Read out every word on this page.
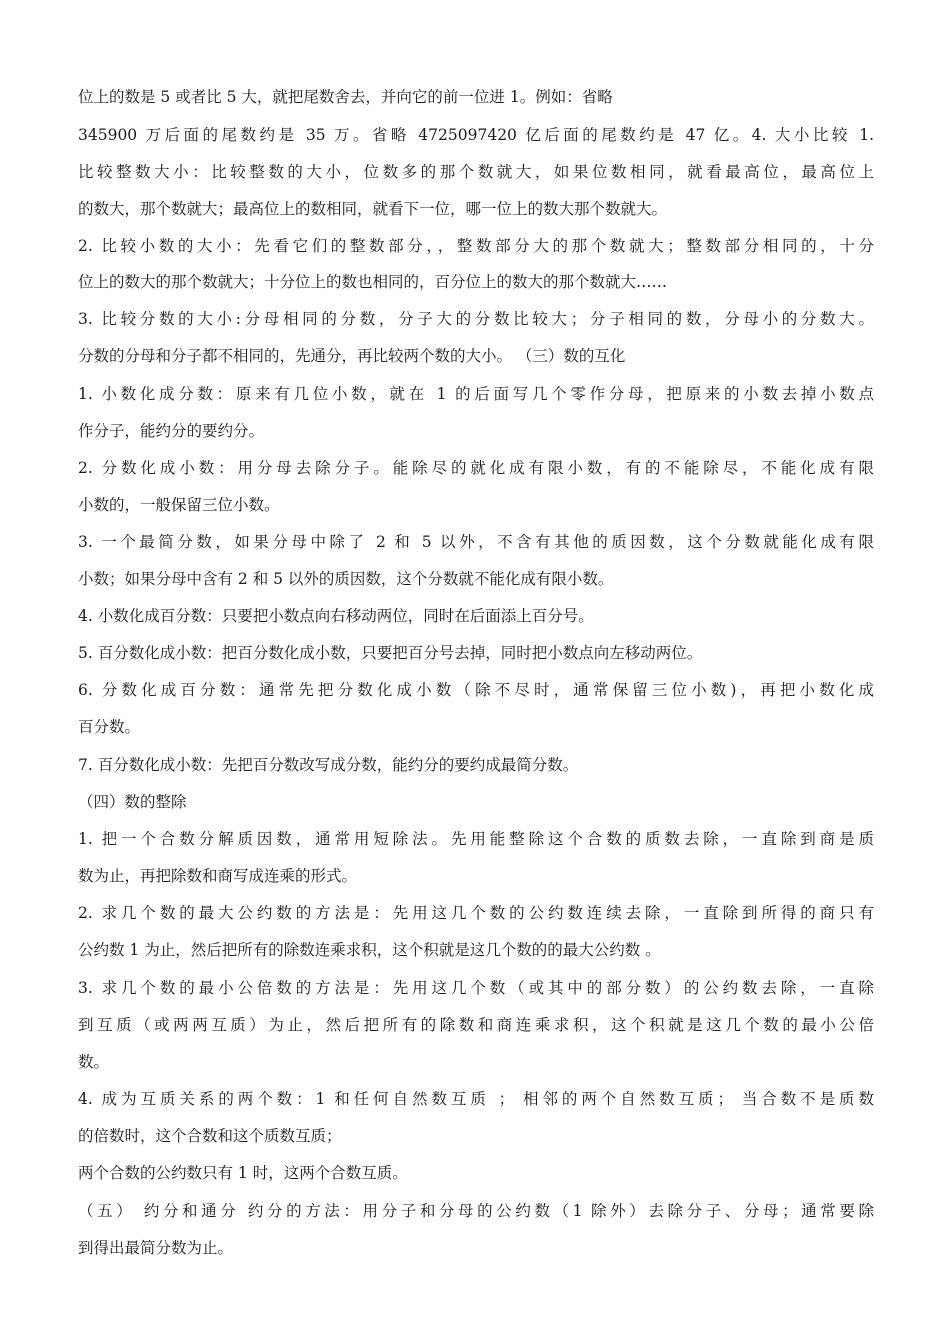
位上的数是 5 或者比 5 大，就把尾数舍去，并向它的前一位进 1。例如：省略
345900 万后面的尾数约是 35 万。省略 4725097420 亿后面的尾数约是 47 亿。4. 大小比较 1.
比较整数大小：比较整数的大小，位数多的那个数就大，如果位数相同，就看最高位，最高位上
的数大，那个数就大；最高位上的数相同，就看下一位，哪一位上的数大那个数就大。
2. 比较小数的大小：先看它们的整数部分，，整数部分大的那个数就大；整数部分相同的，十分
位上的数大的那个数就大；十分位上的数也相同的，百分位上的数大的那个数就大……
3. 比较分数的大小:分母相同的分数，分子大的分数比较大；分子相同的数，分母小的分数大。
分数的分母和分子都不相同的，先通分，再比较两个数的大小。 （三）数的互化
1. 小数化成分数：原来有几位小数，就在 1 的后面写几个零作分母，把原来的小数去掉小数点
作分子，能约分的要约分。
2. 分数化成小数：用分母去除分子。能除尽的就化成有限小数，有的不能除尽，不能化成有限
小数的，一般保留三位小数。
3. 一个最简分数，如果分母中除了 2 和 5 以外，不含有其他的质因数，这个分数就能化成有限
小数；如果分母中含有 2 和 5 以外的质因数，这个分数就不能化成有限小数。
4. 小数化成百分数：只要把小数点向右移动两位，同时在后面添上百分号。
5. 百分数化成小数：把百分数化成小数，只要把百分号去掉，同时把小数点向左移动两位。
6. 分数化成百分数：通常先把分数化成小数（除不尽时，通常保留三位小数)，再把小数化成
百分数。
7. 百分数化成小数：先把百分数改写成分数，能约分的要约成最简分数。
（四）数的整除
1. 把一个合数分解质因数，通常用短除法。先用能整除这个合数的质数去除，一直除到商是质
数为止，再把除数和商写成连乘的形式。
2. 求几个数的最大公约数的方法是：先用这几个数的公约数连续去除，一直除到所得的商只有
公约数 1 为止，然后把所有的除数连乘求积，这个积就是这几个数的的最大公约数 。
3. 求几个数的最小公倍数的方法是：先用这几个数（或其中的部分数）的公约数去除，一直除
到互质（或两两互质）为止，然后把所有的除数和商连乘求积，这个积就是这几个数的最小公倍
数。
4. 成为互质关系的两个数：1 和任何自然数互质 ； 相邻的两个自然数互质； 当合数不是质数
的倍数时，这个合数和这个质数互质；
两个合数的公约数只有 1 时，这两个合数互质。
（五） 约分和通分 约分的方法：用分子和分母的公约数（1 除外）去除分子、分母；通常要除
到得出最简分数为止。
